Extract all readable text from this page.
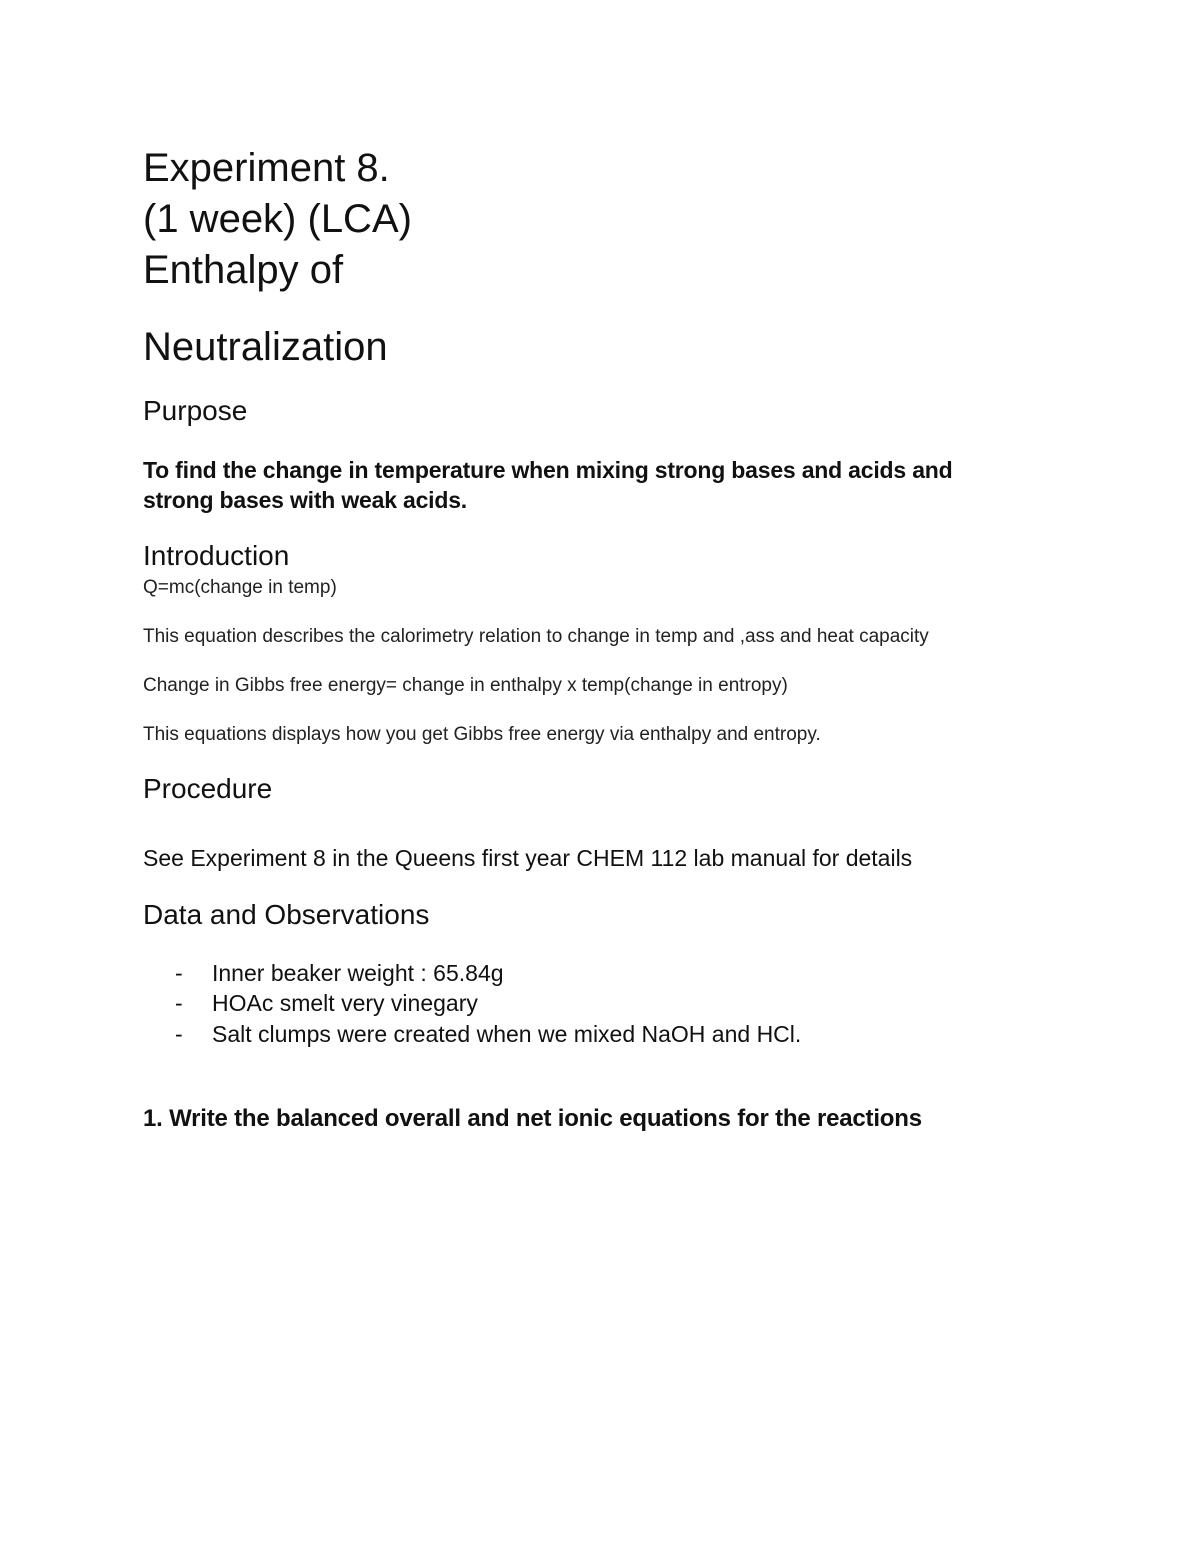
Experiment 8.
(1 week) (LCA)
Enthalpy of
Neutralization
Purpose

To find the change in temperature when mixing strong bases and acids and

strong bases with weak acids.

Introduction

Q=mc(change in temp)

This equation describes the calorimetry relation to change in temp and ,ass and heat capacity

Change in Gibbs free energy= change in enthalpy x temp(change in entropy)

This equations displays how you get Gibbs free energy via enthalpy and entropy.

Procedure

See Experiment 8 in the Queens first year CHEM 112 lab manual for details

Data and Observations
- Inner beaker weight : 65.84g
- HOAc smelt very vinegary
- Salt clumps were created when we mixed NaOH and HCl.

1. Write the balanced overall and net ionic equations for the reactions
